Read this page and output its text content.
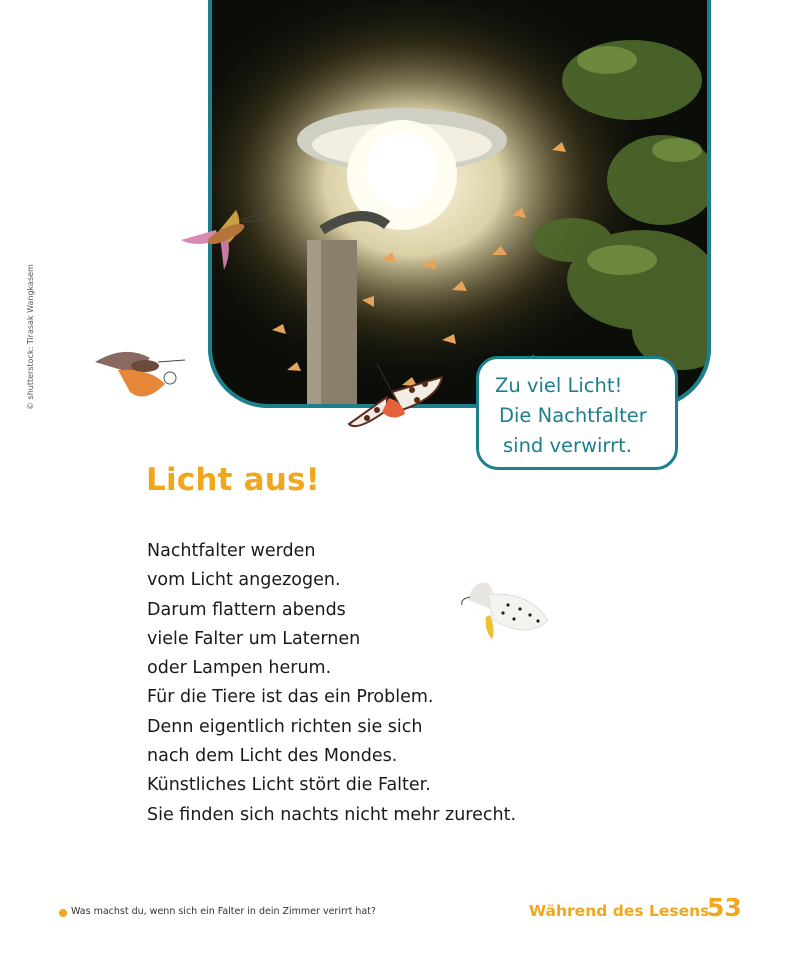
© shutterstock: Tirasak Wangkasem	Zu viel Licht!
Die Nachtfalter
sind verwirrt.
Licht aus!
Nachtfalter werden
vom Licht angezogen.
Darum flattern abends
viele Falter um Laternen
oder Lampen herum.
Für die Tiere ist das ein Problem.
Denn eigentlich richten sie sich
nach dem Licht des Mondes.
Künstliches Licht stört die Falter.
Sie finden sich nachts nicht mehr zurecht.
Was machst du, wenn sich ein Falter in dein Zimmer verirrt hat?	Während des Lesens
53
